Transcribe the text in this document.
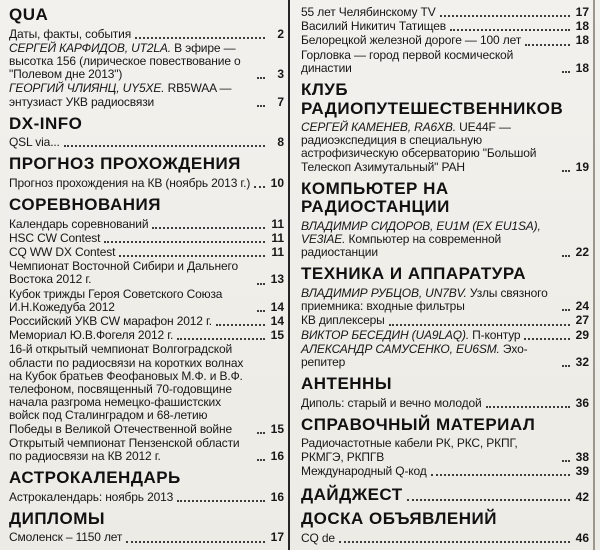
QUA
Даты, факты, события	2
СЕРГЕЙ КАРФИДОВ, UT2LA. В эфире — высотка 156 (лирическое повествование о "Полевом дне 2013")	3
ГЕОРГИЙ ЧЛИЯНЦ, UY5XE. RB5WAA — энтузиаст УКВ радиосвязи	7
DX-INFO
QSL via...	8
ПРОГНОЗ ПРОХОЖДЕНИЯ
Прогноз прохождения на КВ (ноябрь 2013 г.)	10
СОРЕВНОВАНИЯ
Календарь соревнований	11
HSC CW Contest	11
CQ WW DX Contest	11
Чемпионат Восточной Сибири и Дальнего Востока 2012 г.	13
Кубок трижды Героя Советского Союза И.Н.Кожедуба 2012	14
Российский УКВ CW марафон 2012 г.	14
Мемориал Ю.В.Фогеля 2012 г.	15
16-й открытый чемпионат Волгоградской области по радиосвязи на коротких волнах на Кубок братьев Феофановых М.Ф. и В.Ф. телефоном, посвященный 70-годовщине начала разгрома немецко-фашистских войск под Сталинградом и 68-летию Победы в Великой Отечественной войне	15
Открытый чемпионат Пензенской области по радиосвязи на КВ 2012 г.	16
АСТРОКАЛЕНДАРЬ
Астрокалендарь: ноябрь 2013	16
ДИПЛОМЫ
Смоленск – 1150 лет	17
55 лет Челябинскому TV	17
Василий Никитич Татищев	18
Белорецкой железной дороге — 100 лет	18
Горловка — город первой космической династии	18
КЛУБ РАДИОПУТЕШЕСТВЕННИКОВ
СЕРГЕЙ КАМЕНЕВ, RA6XB. UE44F — радиоэкспедиция в специальную астрофизическую обсерваторию "Большой Телескоп Азимутальный" РАН	19
КОМПЬЮТЕР НА РАДИОСТАНЦИИ
ВЛАДИМИР СИДОРОВ, EU1M (EX EU1SA), VE3IAE. Компьютер на современной радиостанции	22
ТЕХНИКА И АППАРАТУРА
ВЛАДИМИР РУБЦОВ, UN7BV. Узлы связного приемника: входные фильтры	24
КВ диплексеры	27
ВИКТОР БЕСЕДИН (UA9LAQ). П-контур	29
АЛЕКСАНДР САМУСЕНКО, EU6SM. Эхо-репитер	32
АНТЕННЫ
Диполь: старый и вечно молодой	36
СПРАВОЧНЫЙ МАТЕРИАЛ
Радиочастотные кабели РК, РКС, РКПГ, РКМГЭ, РКПГВ	38
Международный Q-код	39
ДАЙДЖЕСТ	42
ДОСКА ОБЪЯВЛЕНИЙ
CQ de	46
